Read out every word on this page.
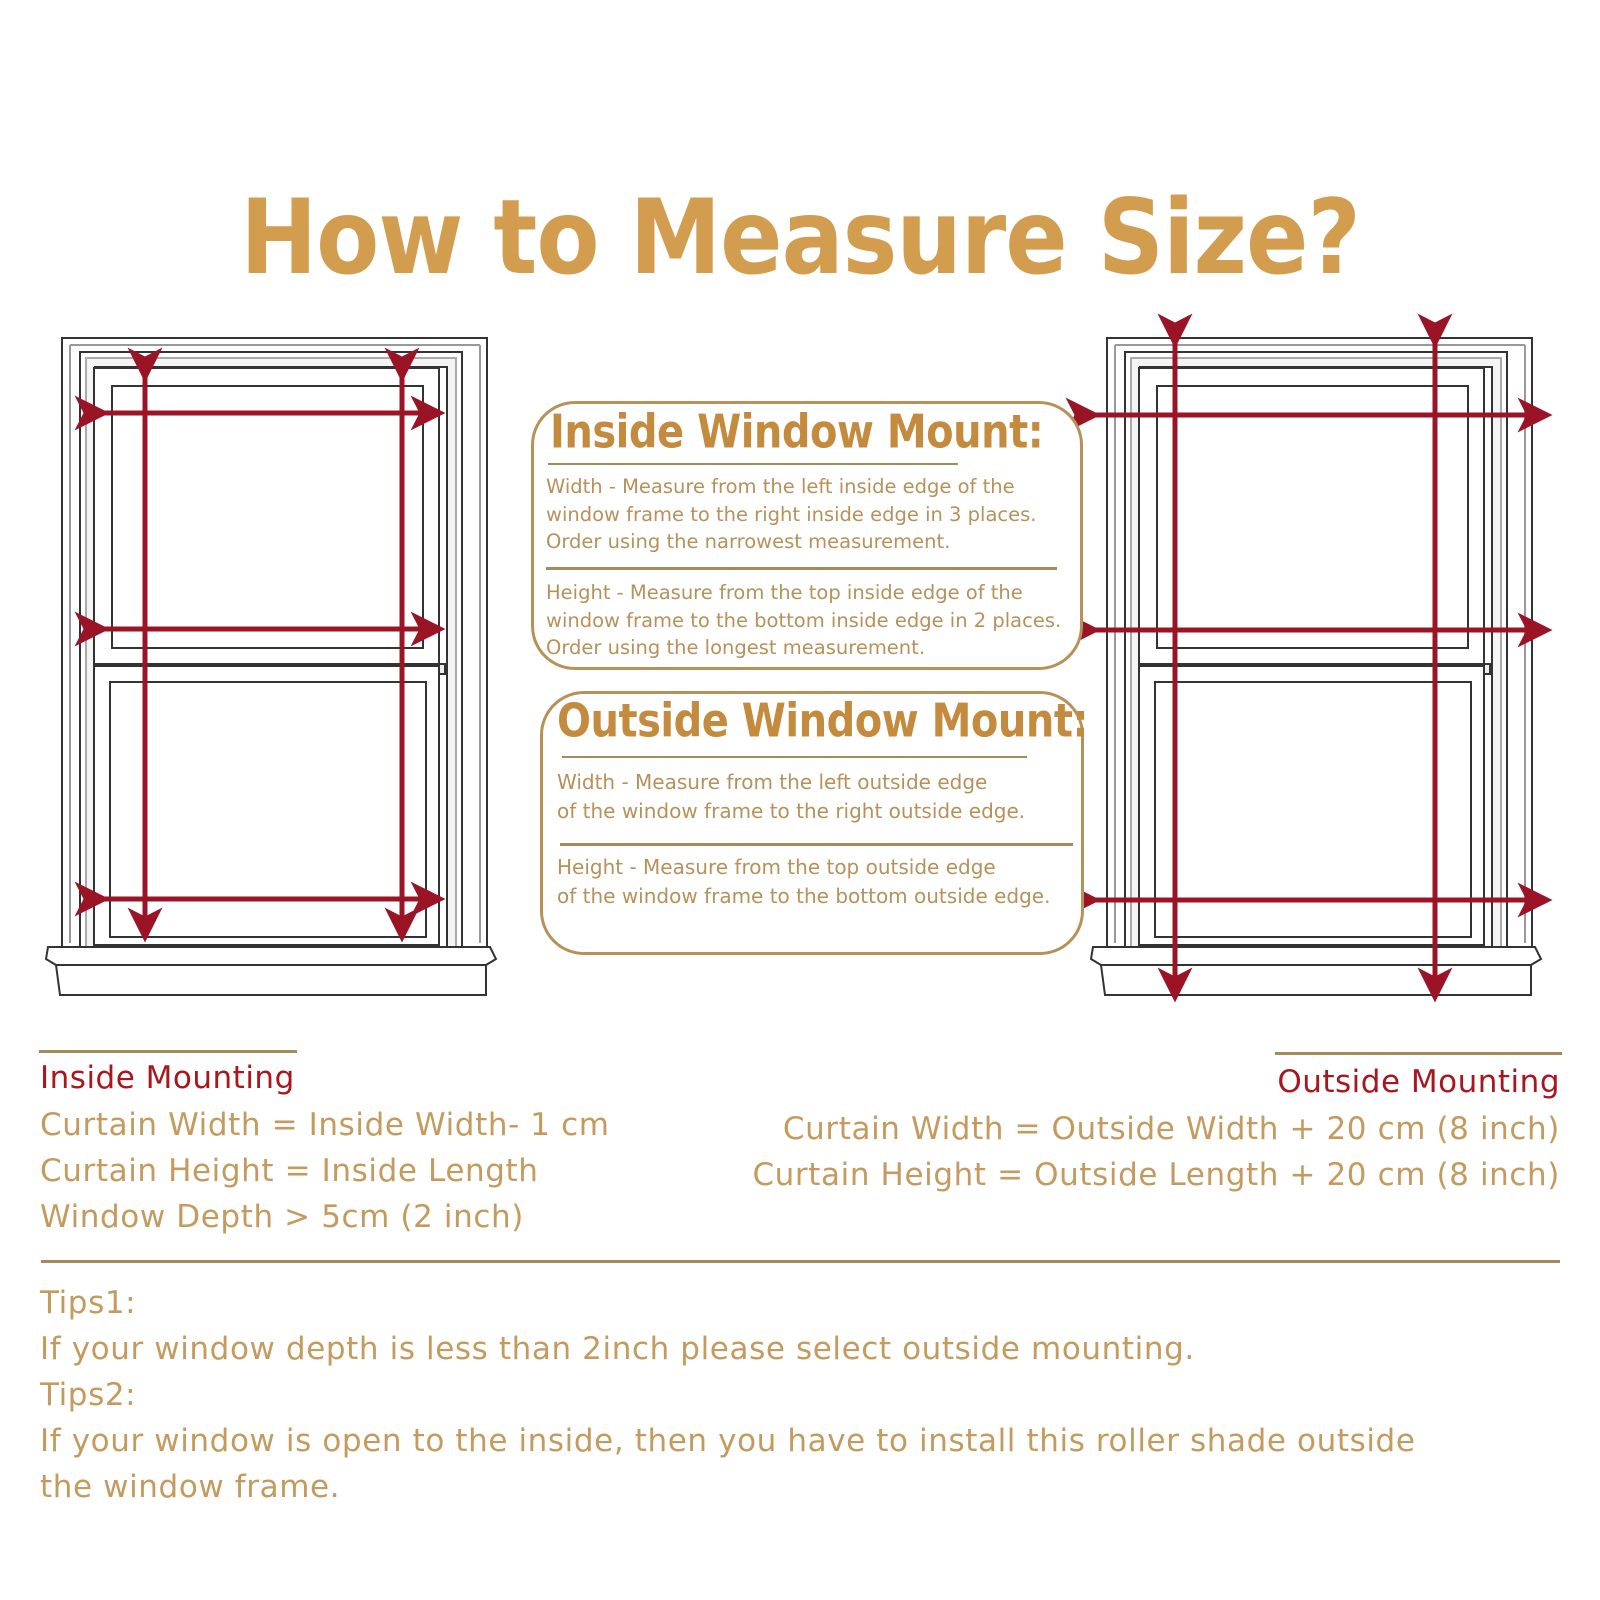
How to Measure Size?
Inside Window Mount:
Width - Measure from the left inside edge of the
window frame to the right inside edge in 3 places.
Order using the narrowest measurement.
Height - Measure from the top inside edge of the
window frame to the bottom inside edge in 2 places.
Order using the longest measurement.
Outside Window Mount:
Width - Measure from the left outside edge
of the window frame to the right outside edge.
Height - Measure from the top outside edge
of the window frame to the bottom outside edge.
Inside Mounting
Curtain Width = Inside Width- 1 cm
Curtain Height = Inside Length
Window Depth > 5cm (2 inch)
Outside Mounting
Curtain Width = Outside Width + 20 cm (8 inch)
Curtain Height = Outside Length + 20 cm (8 inch)
Tips1:
If your window depth is less than 2inch please select outside mounting.
Tips2:
If your window is open to the inside, then you have to install this roller shade outside
the window frame.
